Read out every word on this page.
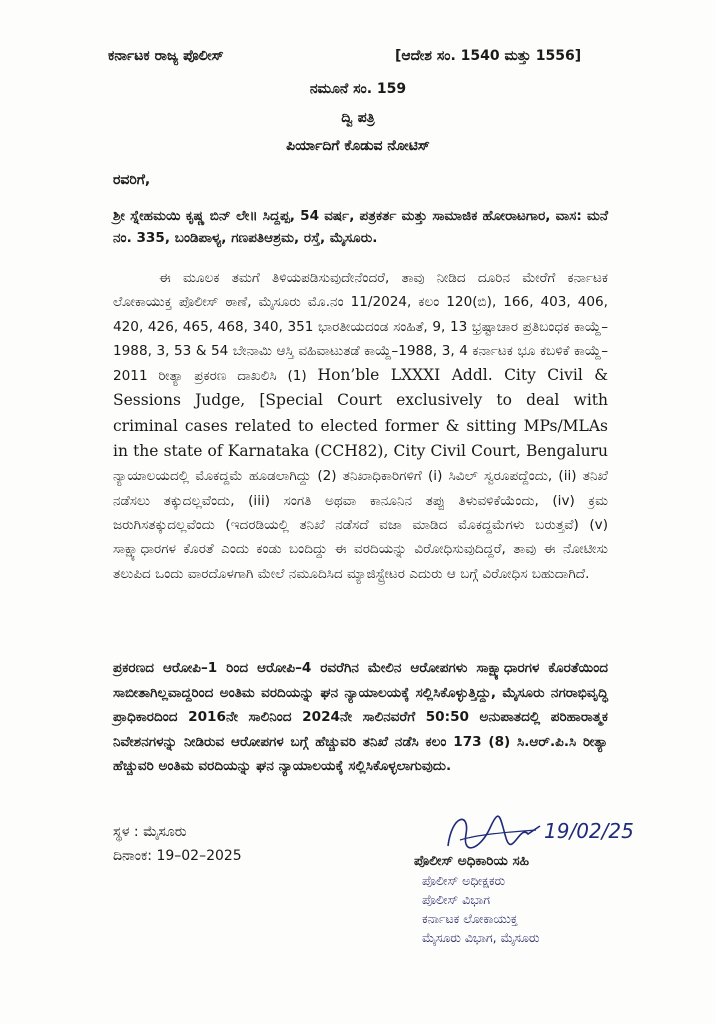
ಕರ್ನಾಟಕ ರಾಜ್ಯ ಪೊಲೀಸ್	[ಆದೇಶ ಸಂ. 1540 ಮತ್ತು 1556]
ನಮೂನೆ ಸಂ. 159
ದ್ವಿ ಪತ್ರಿ
ಪಿರ್ಯಾದಿಗೆ ಕೊಡುವ ನೋಟಿಸ್
ರವರಿಗೆ,
ಶ್ರೀ ಸ್ನೇಹಮಯಿ ಕೃಷ್ಣ ಬಿನ್ ಲೇ॥ ಸಿದ್ದಪ್ಪ, 54 ವರ್ಷ, ಪತ್ರಕರ್ತ ಮತ್ತು ಸಾಮಾಜಿಕ ಹೋರಾಟಗಾರ, ವಾಸ: ಮನೆ ನಂ. 335, ಬಂಡಿಪಾಳ್ಯ, ಗಣಪತಿಆಶ್ರಮ, ರಸ್ತೆ, ಮೈಸೂರು.
ಈ ಮೂಲಕ ತಮಗೆ ತಿಳಿಯಪಡಿಸುವುದೇನೆಂದರೆ, ತಾವು ನೀಡಿದ ದೂರಿನ ಮೇರೆಗೆ ಕರ್ನಾಟಕ ಲೋಕಾಯುಕ್ತ ಪೊಲೀಸ್ ಠಾಣೆ, ಮೈಸೂರು ಮೊ.ನಂ 11/2024, ಕಲಂ 120(ಬಿ), 166, 403, 406, 420, 426, 465, 468, 340, 351 ಭಾರತೀಯದಂಡ ಸಂಹಿತೆ, 9, 13 ಭ್ರಷ್ಟಾಚಾರ ಪ್ರತಿಬಂಧಕ ಕಾಯ್ದೆ–1988, 3, 53 & 54 ಬೇನಾಮಿ ಆಸ್ತಿ ವಹಿವಾಟುತಡೆ ಕಾಯ್ದೆ–1988, 3, 4 ಕರ್ನಾಟಕ ಭೂ ಕಬಳಿಕೆ ಕಾಯ್ದೆ–2011 ರೀತ್ಯಾ ಪ್ರಕರಣ ದಾಖಲಿಸಿ (1) Hon’ble LXXXI Addl. City Civil & Sessions Judge, [Special Court exclusively to deal with criminal cases related to elected former & sitting MPs/MLAs in the state of Karnataka (CCH82), City Civil Court, Bengaluru ನ್ಯಾಯಾಲಯದಲ್ಲಿ ಮೊಕದ್ದಮೆ ಹೂಡಲಾಗಿದ್ದು (2) ತನಿಖಾಧಿಕಾರಿಗಳಿಗೆ (i) ಸಿವಿಲ್ ಸ್ವರೂಪದ್ದೆಂದು, (ii) ತನಿಖೆ ನಡೆಸಲು ತಕ್ಕುದಲ್ಲವೆಂದು, (iii) ಸಂಗತಿ ಅಥವಾ ಕಾನೂನಿನ ತಪ್ಪು ತಿಳುವಳಿಕೆಯೆಂದು, (iv) ಕ್ರಮ ಜರುಗಿಸತಕ್ಕುದಲ್ಲವೆಂದು (ಇದರಡಿಯಲ್ಲಿ ತನಿಖೆ ನಡೆಸದೆ ವಜಾ ಮಾಡಿದ ಮೊಕದ್ದಮೆಗಳು ಬರುತ್ತವೆ) (v) ಸಾಕ್ಷ್ಯಾಧಾರಗಳ ಕೊರತೆ ಎಂದು ಕಂಡು ಬಂದಿದ್ದು ಈ ವರದಿಯನ್ನು ವಿರೋಧಿಸುವುದಿದ್ದರೆ, ತಾವು ಈ ನೋಟೀಸು ತಲುಪಿದ ಒಂದು ವಾರದೊಳಗಾಗಿ ಮೇಲೆ ನಮೂದಿಸಿದ ಮ್ಯಾಜಿಸ್ಟ್ರೇಟರ ಎದುರು ಆ ಬಗ್ಗೆ ವಿರೋಧಿಸ ಬಹುದಾಗಿದೆ.
ಪ್ರಕರಣದ ಆರೋಪಿ–1 ರಿಂದ ಆರೋಪಿ–4 ರವರೆಗಿನ ಮೇಲಿನ ಆರೋಪಗಳು ಸಾಕ್ಷ್ಯಾಧಾರಗಳ ಕೊರತೆಯಿಂದ ಸಾಬೀತಾಗಿಲ್ಲವಾದ್ದರಿಂದ ಅಂತಿಮ ವರದಿಯನ್ನು ಘನ ನ್ಯಾಯಾಲಯಕ್ಕೆ ಸಲ್ಲಿಸಿಕೊಳ್ಳುತ್ತಿದ್ದು, ಮೈಸೂರು ನಗರಾಭಿವೃದ್ಧಿ ಪ್ರಾಧಿಕಾರದಿಂದ 2016ನೇ ಸಾಲಿನಿಂದ 2024ನೇ ಸಾಲಿನವರೆಗೆ 50:50 ಅನುಪಾತದಲ್ಲಿ ಪರಿಹಾರಾತ್ಮಕ ನಿವೇಶನಗಳನ್ನು ನೀಡಿರುವ ಆರೋಪಗಳ ಬಗ್ಗೆ ಹೆಚ್ಚುವರಿ ತನಿಖೆ ನಡೆಸಿ ಕಲಂ 173 (8) ಸಿ.ಆರ್.ಪಿ.ಸಿ ರೀತ್ಯಾ ಹೆಚ್ಚುವರಿ ಅಂತಿಮ ವರದಿಯನ್ನು ಘನ ನ್ಯಾಯಾಲಯಕ್ಕೆ ಸಲ್ಲಿಸಿಕೊಳ್ಳಲಾಗುವುದು.
ಸ್ಥಳ : ಮೈಸೂರು
ದಿನಾಂಕ: 19–02–2025
19/02/25
ಪೊಲೀಸ್ ಅಧಿಕಾರಿಯ ಸಹಿ
ಪೊಲೀಸ್ ಅಧೀಕ್ಷಕರು
ಪೊಲೀಸ್ ವಿಭಾಗ
ಕರ್ನಾಟಕ ಲೋಕಾಯುಕ್ತ
ಮೈಸೂರು ವಿಭಾಗ, ಮೈಸೂರು
